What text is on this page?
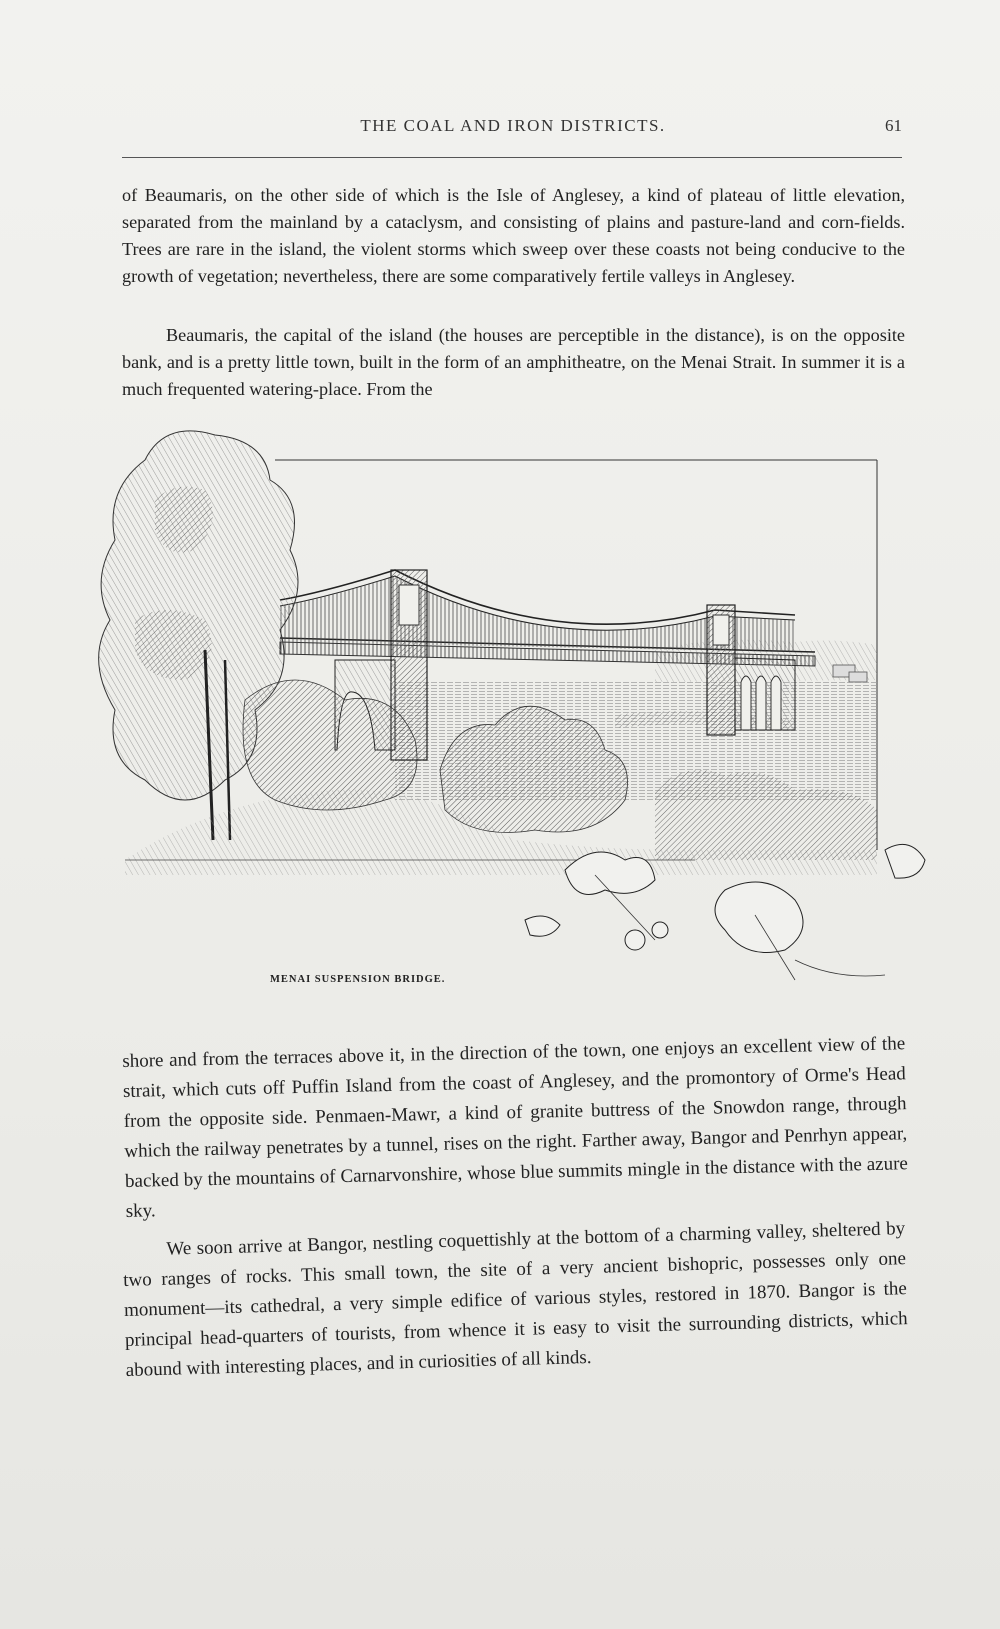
THE COAL AND IRON DISTRICTS.	61

of Beaumaris, on the other side of which is the Isle of Anglesey, a kind of plateau of little elevation, separated from the mainland by a cataclysm, and consisting of plains and pasture-land and corn-fields. Trees are rare in the island, the violent storms which sweep over these coasts not being conducive to the growth of vegetation; nevertheless, there are some comparatively fertile valleys in Anglesey.

Beaumaris, the capital of the island (the houses are perceptible in the distance), is on the opposite bank, and is a pretty little town, built in the form of an amphitheatre, on the Menai Strait. In summer it is a much frequented watering-place. From the

MENAI SUSPENSION BRIDGE.

shore and from the terraces above it, in the direction of the town, one enjoys an excellent view of the strait, which cuts off Puffin Island from the coast of Anglesey, and the promontory of Orme's Head from the opposite side. Penmaen-Mawr, a kind of granite buttress of the Snowdon range, through which the railway penetrates by a tunnel, rises on the right. Farther away, Bangor and Penrhyn appear, backed by the mountains of Carnarvonshire, whose blue summits mingle in the distance with the azure sky.

We soon arrive at Bangor, nestling coquettishly at the bottom of a charming valley, sheltered by two ranges of rocks. This small town, the site of a very ancient bishopric, possesses only one monument—its cathedral, a very simple edifice of various styles, restored in 1870. Bangor is the principal head-quarters of tourists, from whence it is easy to visit the surrounding districts, which abound with interesting places, and in curiosities of all kinds.
